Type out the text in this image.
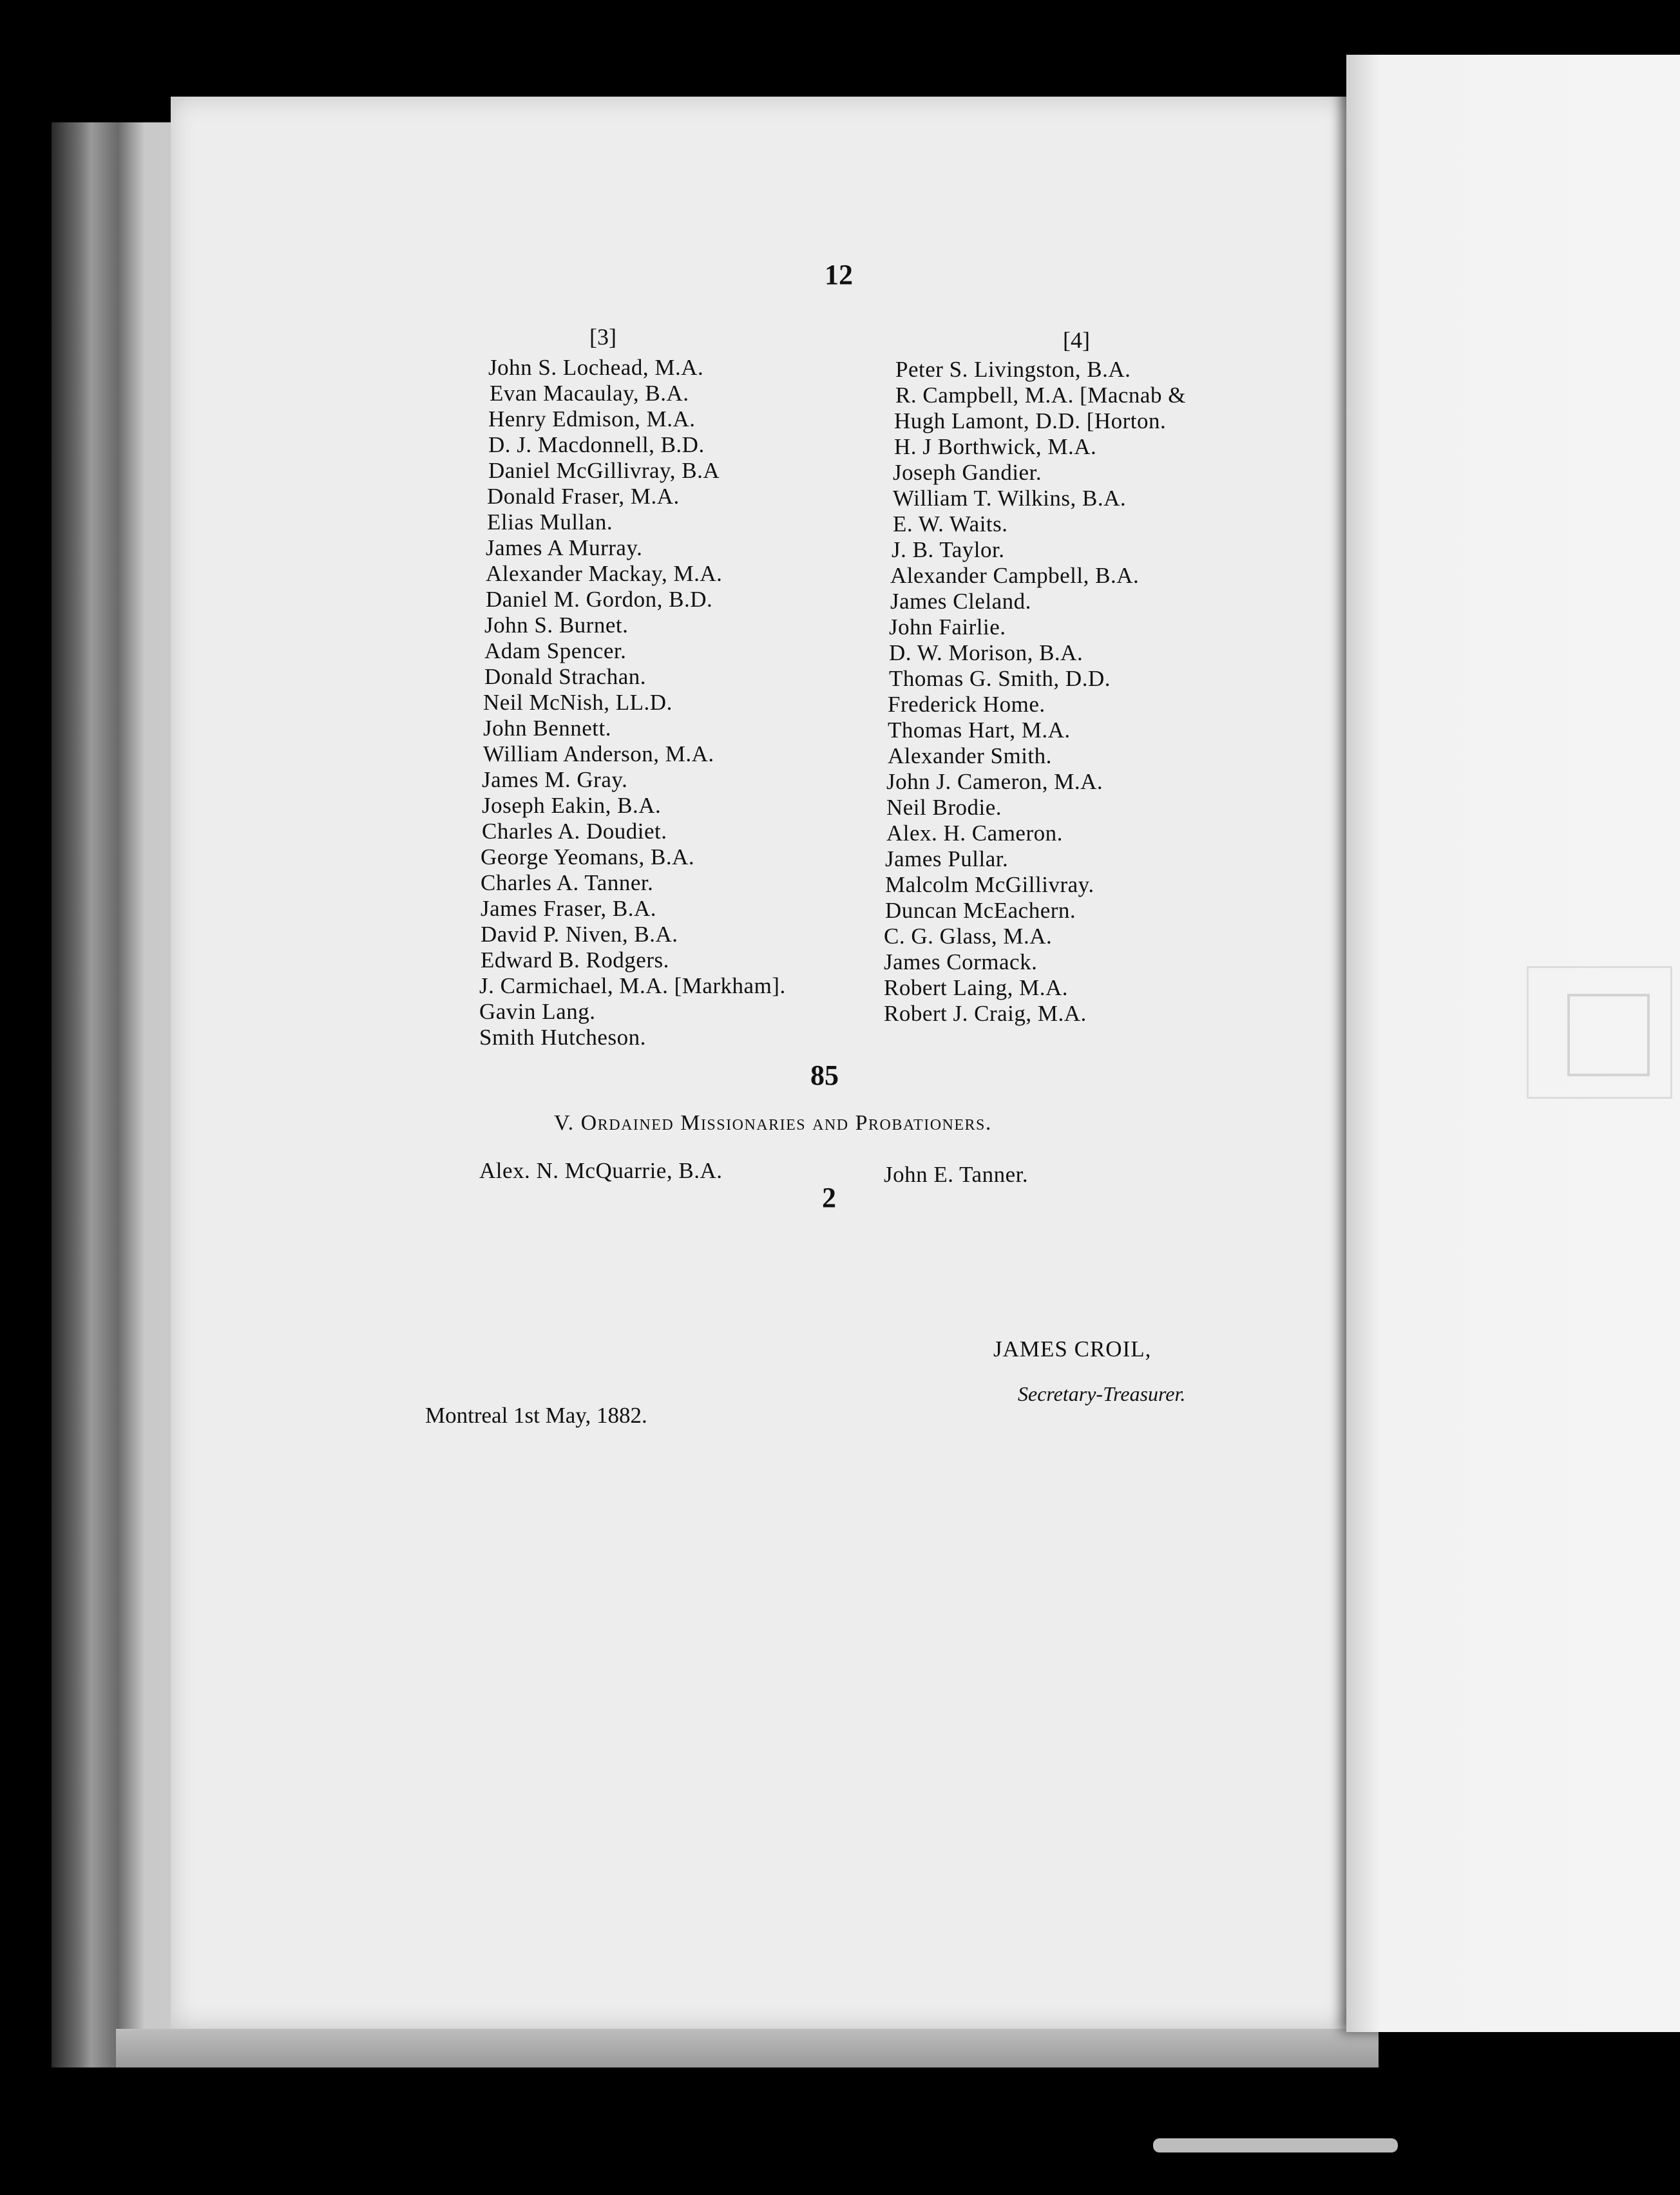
12
[3]	[4]
John S. Lochead, M.A.
Evan Macaulay, B.A.
Henry Edmison, M.A.
D. J. Macdonnell, B.D.
Daniel McGillivray, B.A
Donald Fraser, M.A.
Elias Mullan.
James A Murray.
Alexander Mackay, M.A.
Daniel M. Gordon, B.D.
John S. Burnet.
Adam Spencer.
Donald Strachan.
Neil McNish, LL.D.
John Bennett.
William Anderson, M.A.
James M. Gray.
Joseph Eakin, B.A.
Charles A. Doudiet.
George Yeomans, B.A.
Charles A. Tanner.
James Fraser, B.A.
David P. Niven, B.A.
Edward B. Rodgers.
J. Carmichael, M.A. [Markham].
Gavin Lang.
Smith Hutcheson.
Peter S. Livingston, B.A.
R. Campbell, M.A. [Macnab &
Hugh Lamont, D.D. [Horton.
H. J Borthwick, M.A.
Joseph Gandier.
William T. Wilkins, B.A.
E. W. Waits.
J. B. Taylor.
Alexander Campbell, B.A.
James Cleland.
John Fairlie.
D. W. Morison, B.A.
Thomas G. Smith, D.D.
Frederick Home.
Thomas Hart, M.A.
Alexander Smith.
John J. Cameron, M.A.
Neil Brodie.
Alex. H. Cameron.
James Pullar.
Malcolm McGillivray.
Duncan McEachern.
C. G. Glass, M.A.
James Cormack.
Robert Laing, M.A.
Robert J. Craig, M.A.
85
V. Ordained Missionaries and Probationers.
Alex. N. McQuarrie, B.A.	John E. Tanner.
2
JAMES CROIL,
Secretary-Treasurer.
Montreal 1st May, 1882.
